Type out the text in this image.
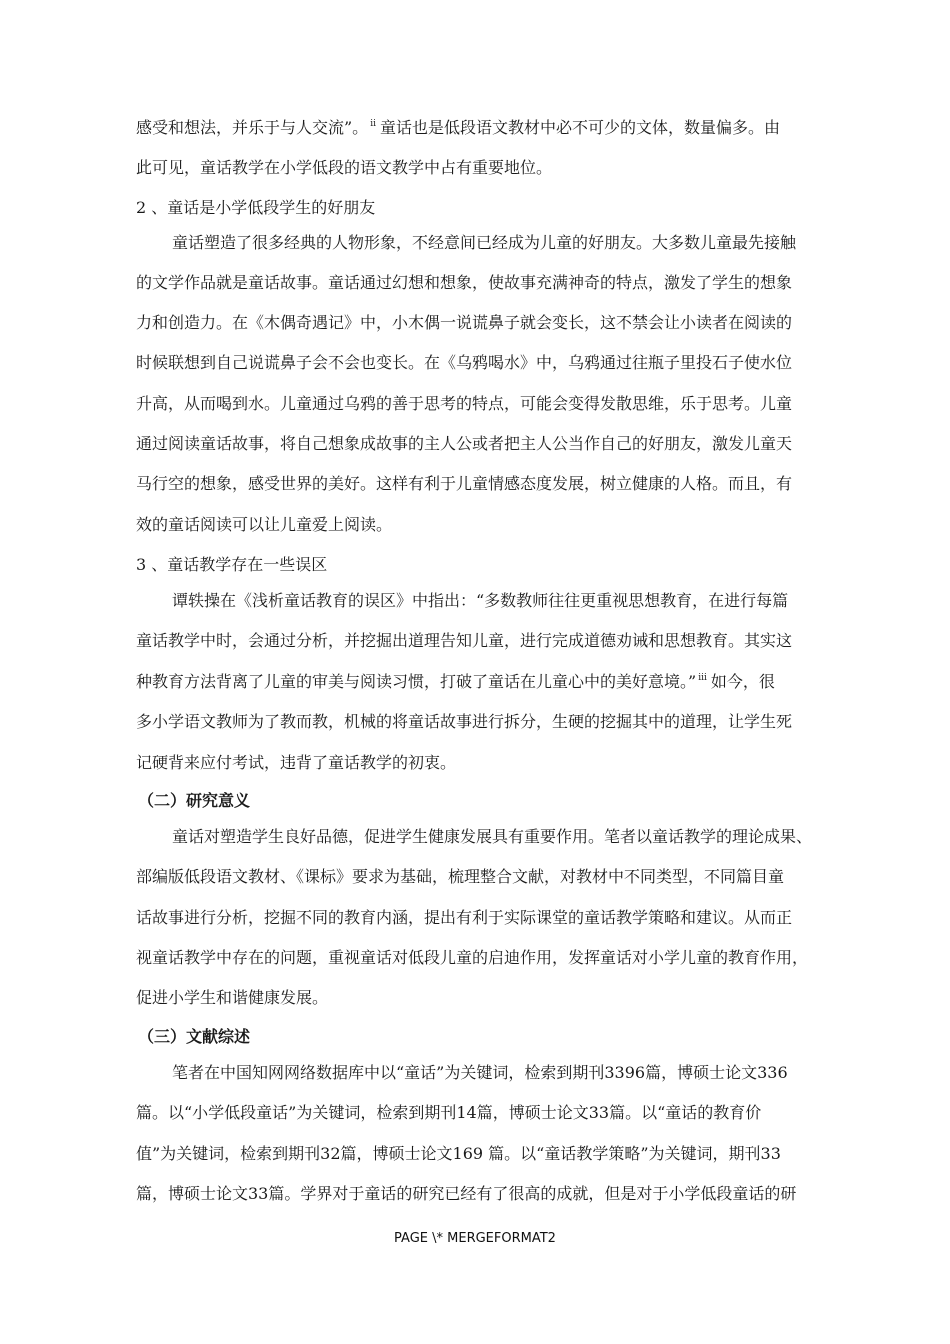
感受和想法，并乐于与人交流”。 $^{ii}$ 童话也是低段语文教材中必不可少的文体，数量偏多。由
此可见，童话教学在小学低段的语文教学中占有重要地位。
2 、童话是小学低段学生的好朋友
童话塑造了很多经典的人物形象，不经意间已经成为儿童的好朋友。大多数儿童最先接触
的文学作品就是童话故事。童话通过幻想和想象，使故事充满神奇的特点，激发了学生的想象
力和创造力。在《木偶奇遇记》中，小木偶一说谎鼻子就会变长，这不禁会让小读者在阅读的
时候联想到自己说谎鼻子会不会也变长。在《乌鸦喝水》中，乌鸦通过往瓶子里投石子使水位
升高，从而喝到水。儿童通过乌鸦的善于思考的特点，可能会变得发散思维，乐于思考。儿童
通过阅读童话故事，将自己想象成故事的主人公或者把主人公当作自己的好朋友，激发儿童天
马行空的想象，感受世界的美好。这样有利于儿童情感态度发展，树立健康的人格。而且，有
效的童话阅读可以让儿童爱上阅读。
3 、童话教学存在一些误区
谭轶操在《浅析童话教育的误区》中指出：“多数教师往往更重视思想教育，在进行每篇
童话教学中时，会通过分析，并挖掘出道理告知儿童，进行完成道德劝诫和思想教育。其实这
种教育方法背离了儿童的审美与阅读习惯，打破了童话在儿童心中的美好意境。” $^{iii}$ 如今，很
多小学语文教师为了教而教，机械的将童话故事进行拆分，生硬的挖掘其中的道理，让学生死
记硬背来应付考试，违背了童话教学的初衷。
（二）研究意义
童话对塑造学生良好品德，促进学生健康发展具有重要作用。笔者以童话教学的理论成果、
部编版低段语文教材、《课标》要求为基础，梳理整合文献，对教材中不同类型，不同篇目童
话故事进行分析，挖掘不同的教育内涵，提出有利于实际课堂的童话教学策略和建议。从而正
视童话教学中存在的问题，重视童话对低段儿童的启迪作用，发挥童话对小学儿童的教育作用，
促进小学生和谐健康发展。
（三）文献综述
笔者在中国知网网络数据库中以“童话”为关键词，检索到期刊3396篇，博硕士论文336
篇。以“小学低段童话”为关键词，检索到期刊14篇，博硕士论文33篇。以“童话的教育价
值”为关键词，检索到期刊32篇，博硕士论文169 篇。以“童话教学策略”为关键词，期刊33
篇，博硕士论文33篇。学界对于童话的研究已经有了很高的成就，但是对于小学低段童话的研
PAGE \* MERGEFORMAT2
